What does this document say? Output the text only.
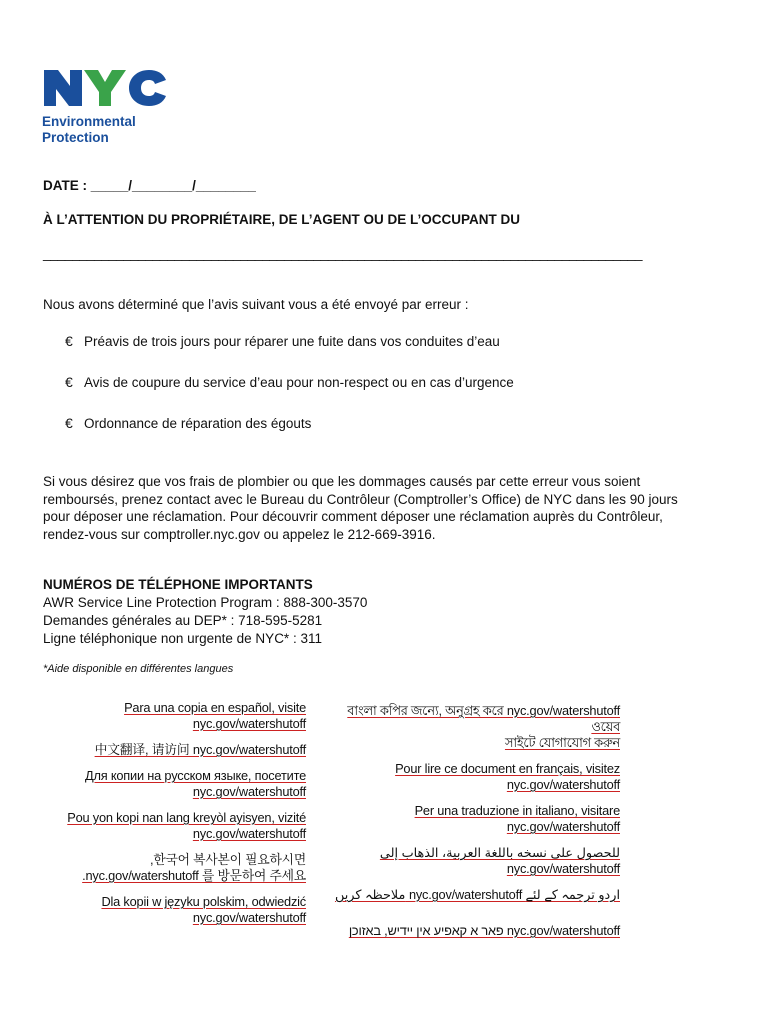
Environmental
Protection
DATE : _____/________/________
À L’ATTENTION DU PROPRIÉTAIRE, DE L’AGENT OU DE L’OCCUPANT DU
__________________________________________________________________________________
Nous avons déterminé que l’avis suivant vous a été envoyé par erreur :
€ Préavis de trois jours pour réparer une fuite dans vos conduites d’eau
€ Avis de coupure du service d’eau pour non-respect ou en cas d’urgence
€ Ordonnance de réparation des égouts
Si vous désirez que vos frais de plombier ou que les dommages causés par cette erreur vous soient remboursés, prenez contact avec le Bureau du Contrôleur (Comptroller’s Office) de NYC dans les 90 jours pour déposer une réclamation. Pour découvrir comment déposer une réclamation auprès du Contrôleur, rendez-vous sur comptroller.nyc.gov ou appelez le 212-669-3916.
NUMÉROS DE TÉLÉPHONE IMPORTANTS
AWR Service Line Protection Program : 888-300-3570
Demandes générales au DEP* : 718-595-5281
Ligne téléphonique non urgente de NYC* : 311
*Aide disponible en différentes langues
Para una copia en español, visite
nyc.gov/watershutoff
中文翻译, 请访问 nyc.gov/watershutoff
Для копии на русском языке, посетите
nyc.gov/watershutoff
Pou yon kopi nan lang kreyòl ayisyen, vizité
nyc.gov/watershutoff
,한국어 복사본이 필요하시면
.nyc.gov/watershutoff 를 방문하여 주세요
Dla kopii w języku polskim, odwiedzić
nyc.gov/watershutoff
বাংলা কপির জন্যে, অনুগ্রহ করে nyc.gov/watershutoff ওয়েব
সাইটে যোগাযোগ করুন
Pour lire ce document en français, visitez
nyc.gov/watershutoff
Per una traduzione in italiano, visitare
nyc.gov/watershutoff
للحصول على نسخه باللغة العربية، الذهاب إلى
nyc.gov/watershutoff
ملاحظہ کریں nyc.gov/watershutoff اردو ترجمہ کے لئے
פאר א קאפיע אין יידיש, באזוכן nyc.gov/watershutoff
